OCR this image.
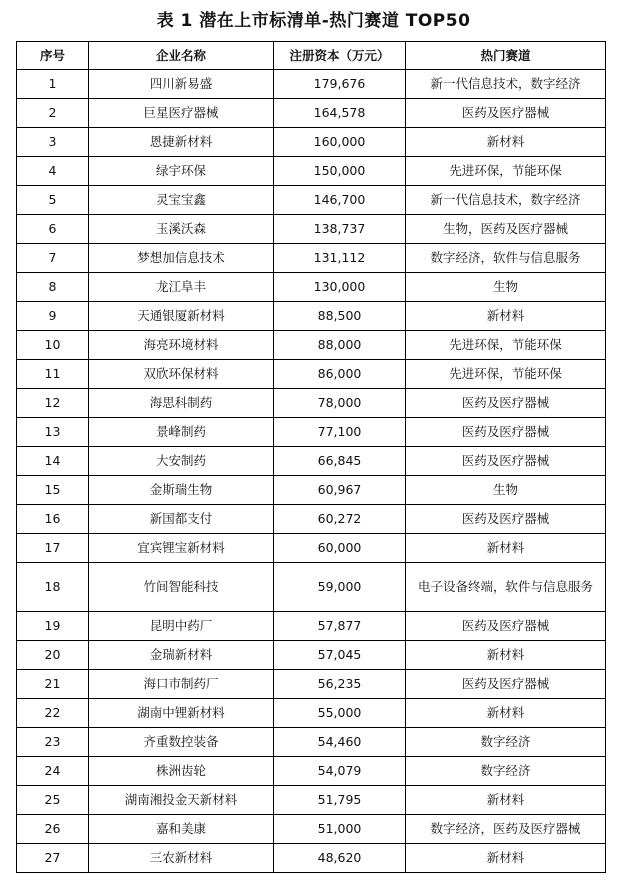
表 1 潜在上市标清单-热门赛道 TOP50
序号	企业名称	注册资本（万元）	热门赛道
1	四川新易盛	179,676	新一代信息技术，数字经济
2	巨星医疗器械	164,578	医药及医疗器械
3	恩捷新材料	160,000	新材料
4	绿宇环保	150,000	先进环保，节能环保
5	灵宝宝鑫	146,700	新一代信息技术，数字经济
6	玉溪沃森	138,737	生物，医药及医疗器械
7	梦想加信息技术	131,112	数字经济，软件与信息服务
8	龙江阜丰	130,000	生物
9	天通银厦新材料	88,500	新材料
10	海亮环境材料	88,000	先进环保，节能环保
11	双欣环保材料	86,000	先进环保，节能环保
12	海思科制药	78,000	医药及医疗器械
13	景峰制药	77,100	医药及医疗器械
14	大安制药	66,845	医药及医疗器械
15	金斯瑞生物	60,967	生物
16	新国都支付	60,272	医药及医疗器械
17	宜宾锂宝新材料	60,000	新材料
18	竹间智能科技	59,000	电子设备终端，软件与信息服务
19	昆明中药厂	57,877	医药及医疗器械
20	金瑞新材料	57,045	新材料
21	海口市制药厂	56,235	医药及医疗器械
22	湖南中锂新材料	55,000	新材料
23	齐重数控装备	54,460	数字经济
24	株洲齿轮	54,079	数字经济
25	湖南湘投金天新材料	51,795	新材料
26	嘉和美康	51,000	数字经济，医药及医疗器械
27	三农新材料	48,620	新材料
